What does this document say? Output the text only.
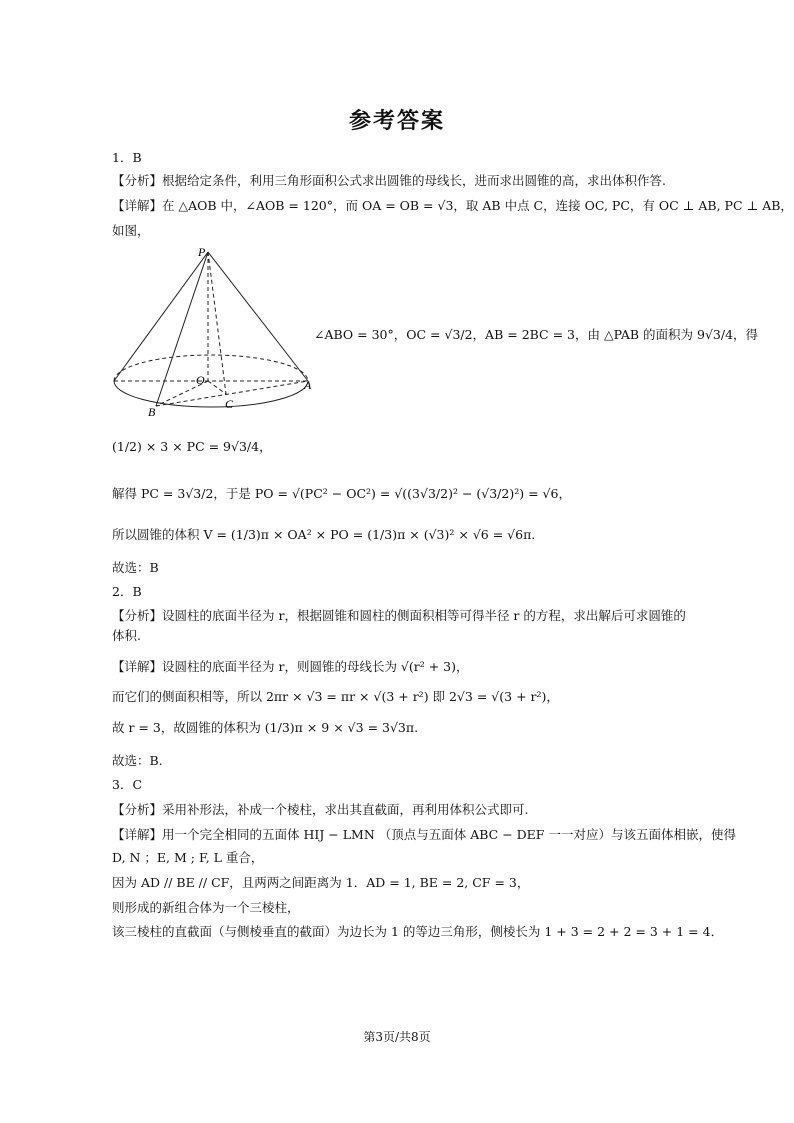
参考答案
1．B
【分析】根据给定条件，利用三角形面积公式求出圆锥的母线长，进而求出圆锥的高，求出体积作答.
【详解】在 △AOB 中，∠AOB = 120°，而 OA = OB = √3，取 AB 中点 C，连接 OC, PC，有 OC ⊥ AB, PC ⊥ AB，
如图，
P
O	A
B
C
∠ABO = 30°，OC = √3/2，AB = 2BC = 3，由 △PAB 的面积为 9√3/4，得
(1/2) × 3 × PC = 9√3/4，
解得 PC = 3√3/2，于是 PO = √(PC² − OC²) = √((3√3/2)² − (√3/2)²) = √6，
所以圆锥的体积 V = (1/3)π × OA² × PO = (1/3)π × (√3)² × √6 = √6π.
故选：B
2．B
【分析】设圆柱的底面半径为 r，根据圆锥和圆柱的侧面积相等可得半径 r 的方程，求出解后可求圆锥的体积.
【详解】设圆柱的底面半径为 r，则圆锥的母线长为 √(r² + 3)，
而它们的侧面积相等，所以 2πr × √3 = πr × √(3 + r²) 即 2√3 = √(3 + r²)，
故 r = 3，故圆锥的体积为 (1/3)π × 9 × √3 = 3√3π.
故选：B.
3．C
【分析】采用补形法，补成一个棱柱，求出其直截面，再利用体积公式即可.
【详解】用一个完全相同的五面体 HIJ − LMN （顶点与五面体 ABC − DEF 一一对应）与该五面体相嵌，使得
D, N ；E, M ; F, L 重合，
因为 AD // BE // CF，且两两之间距离为 1．AD = 1, BE = 2, CF = 3，
则形成的新组合体为一个三棱柱，
该三棱柱的直截面（与侧棱垂直的截面）为边长为 1 的等边三角形，侧棱长为 1 + 3 = 2 + 2 = 3 + 1 = 4．
第3页/共8页
